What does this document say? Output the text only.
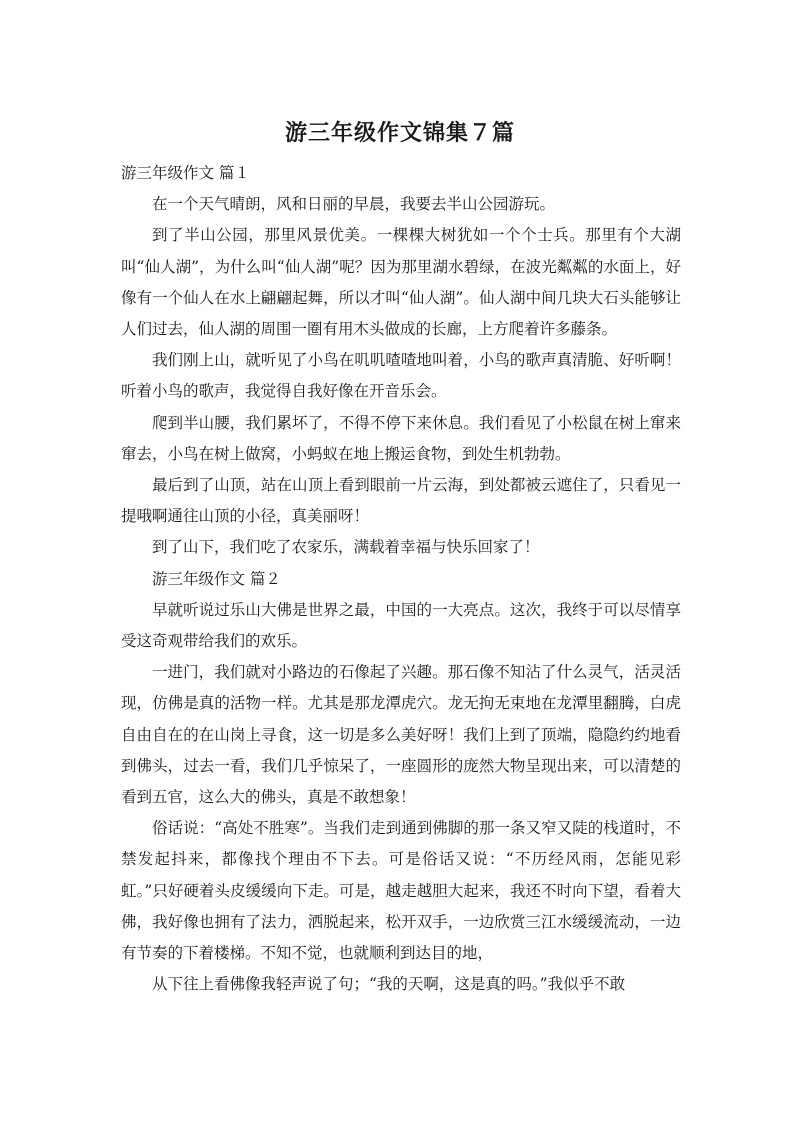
游三年级作文锦集７篇

游三年级作文 篇１

在一个天气晴朗，风和日丽的早晨，我要去半山公园游玩。

到了半山公园，那里风景优美。一棵棵大树犹如一个个士兵。那里有个大湖叫“仙人湖”，为什么叫“仙人湖”呢？因为那里湖水碧绿，在波光粼粼的水面上，好像有一个仙人在水上翩翩起舞，所以才叫“仙人湖”。仙人湖中间几块大石头能够让人们过去，仙人湖的周围一圈有用木头做成的长廊，上方爬着许多藤条。

我们刚上山，就听见了小鸟在叽叽喳喳地叫着，小鸟的歌声真清脆、好听啊！听着小鸟的歌声，我觉得自我好像在开音乐会。

爬到半山腰，我们累坏了，不得不停下来休息。我们看见了小松鼠在树上窜来窜去，小鸟在树上做窝，小蚂蚁在地上搬运食物，到处生机勃勃。

最后到了山顶，站在山顶上看到眼前一片云海，到处都被云遮住了，只看见一提哦啊通往山顶的小径，真美丽呀！

到了山下，我们吃了农家乐，满载着幸福与快乐回家了！

游三年级作文 篇２

早就听说过乐山大佛是世界之最，中国的一大亮点。这次，我终于可以尽情享受这奇观带给我们的欢乐。

一进门，我们就对小路边的石像起了兴趣。那石像不知沾了什么灵气，活灵活现，仿佛是真的活物一样。尤其是那龙潭虎穴。龙无拘无束地在龙潭里翻腾，白虎自由自在的在山岗上寻食，这一切是多么美好呀！我们上到了顶端，隐隐约约地看到佛头，过去一看，我们几乎惊呆了，一座圆形的庞然大物呈现出来，可以清楚的看到五官，这么大的佛头，真是不敢想象！

俗话说：“高处不胜寒”。当我们走到通到佛脚的那一条又窄又陡的栈道时，不禁发起抖来，都像找个理由不下去。可是俗话又说：“不历经风雨，怎能见彩虹。”只好硬着头皮缓缓向下走。可是，越走越胆大起来，我还不时向下望，看着大佛，我好像也拥有了法力，洒脱起来，松开双手，一边欣赏三江水缓缓流动，一边有节奏的下着楼梯。不知不觉，也就顺利到达目的地，

从下往上看佛像我轻声说了句；“我的天啊，这是真的吗。”我似乎不敢
